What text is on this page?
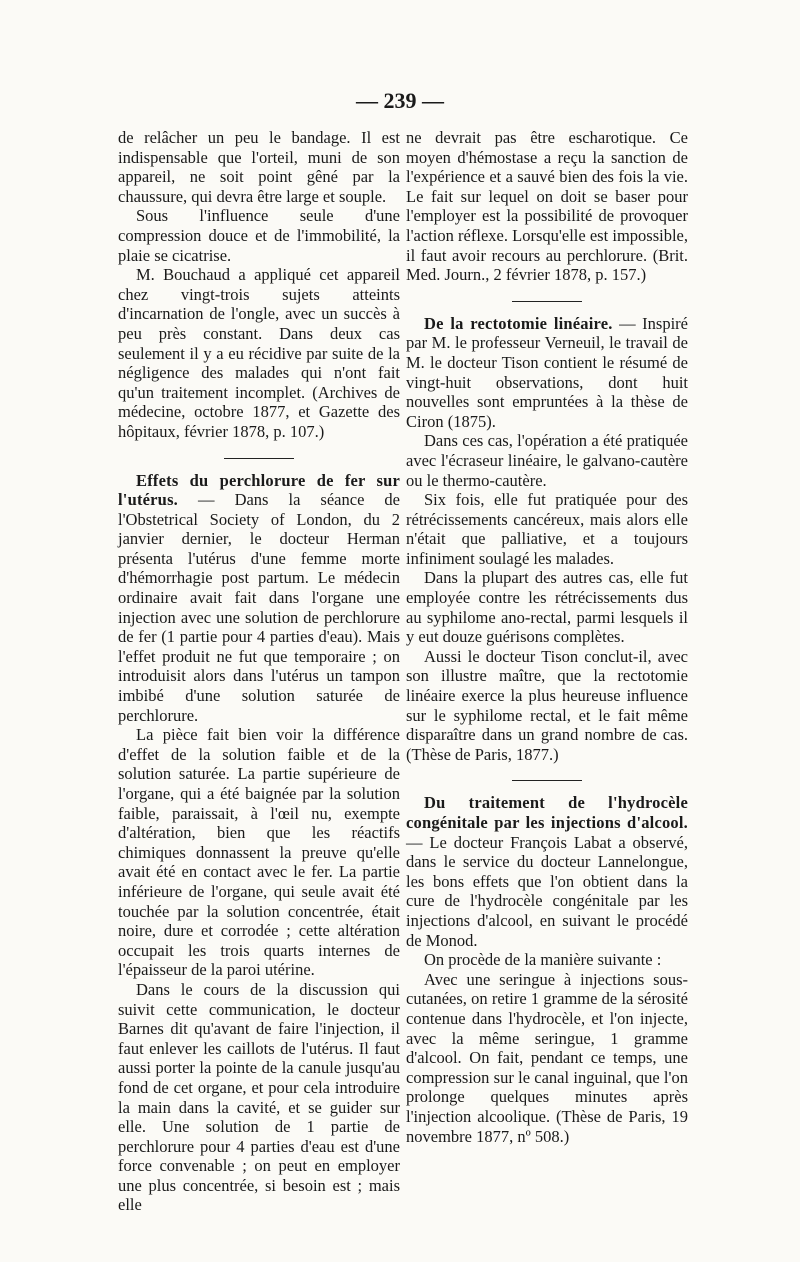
— 239 —

de relâcher un peu le bandage. Il est indispensable que l'orteil, muni de son appareil, ne soit point gêné par la chaussure, qui devra être large et souple.

Sous l'influence seule d'une compression douce et de l'immobilité, la plaie se cicatrise.

M. Bouchaud a appliqué cet appareil chez vingt-trois sujets atteints d'incarnation de l'ongle, avec un succès à peu près constant. Dans deux cas seulement il y a eu récidive par suite de la négligence des malades qui n'ont fait qu'un traitement incomplet. (Archives de médecine, octobre 1877, et Gazette des hôpitaux, février 1878, p. 107.)

Effets du perchlorure de fer sur l'utérus. — Dans la séance de l'Obstetrical Society of London, du 2 janvier dernier, le docteur Herman présenta l'utérus d'une femme morte d'hémorrhagie post partum. Le médecin ordinaire avait fait dans l'organe une injection avec une solution de perchlorure de fer (1 partie pour 4 parties d'eau). Mais l'effet produit ne fut que temporaire ; on introduisit alors dans l'utérus un tampon imbibé d'une solution saturée de perchlorure.

La pièce fait bien voir la différence d'effet de la solution faible et de la solution saturée. La partie supérieure de l'organe, qui a été baignée par la solution faible, paraissait, à l'œil nu, exempte d'altération, bien que les réactifs chimiques donnassent la preuve qu'elle avait été en contact avec le fer. La partie inférieure de l'organe, qui seule avait été touchée par la solution concentrée, était noire, dure et corrodée ; cette altération occupait les trois quarts internes de l'épaisseur de la paroi utérine.

Dans le cours de la discussion qui suivit cette communication, le docteur Barnes dit qu'avant de faire l'injection, il faut enlever les caillots de l'utérus. Il faut aussi porter la pointe de la canule jusqu'au fond de cet organe, et pour cela introduire la main dans la cavité, et se guider sur elle. Une solution de 1 partie de perchlorure pour 4 parties d'eau est d'une force convenable ; on peut en employer une plus concentrée, si besoin est ; mais elle

ne devrait pas être escharotique. Ce moyen d'hémostase a reçu la sanction de l'expérience et a sauvé bien des fois la vie. Le fait sur lequel on doit se baser pour l'employer est la possibilité de provoquer l'action réflexe. Lorsqu'elle est impossible, il faut avoir recours au perchlorure. (Brit. Med. Journ., 2 février 1878, p. 157.)

De la rectotomie linéaire. — Inspiré par M. le professeur Verneuil, le travail de M. le docteur Tison contient le résumé de vingt-huit observations, dont huit nouvelles sont empruntées à la thèse de Ciron (1875).

Dans ces cas, l'opération a été pratiquée avec l'écraseur linéaire, le galvano-cautère ou le thermo-cautère.

Six fois, elle fut pratiquée pour des rétrécissements cancéreux, mais alors elle n'était que palliative, et a toujours infiniment soulagé les malades.

Dans la plupart des autres cas, elle fut employée contre les rétrécissements dus au syphilome ano-rectal, parmi lesquels il y eut douze guérisons complètes.

Aussi le docteur Tison conclut-il, avec son illustre maître, que la rectotomie linéaire exerce la plus heureuse influence sur le syphilome rectal, et le fait même disparaître dans un grand nombre de cas. (Thèse de Paris, 1877.)

Du traitement de l'hydrocèle congénitale par les injections d'alcool. — Le docteur François Labat a observé, dans le service du docteur Lannelongue, les bons effets que l'on obtient dans la cure de l'hydrocèle congénitale par les injections d'alcool, en suivant le procédé de Monod.

On procède de la manière suivante :

Avec une seringue à injections sous-cutanées, on retire 1 gramme de la sérosité contenue dans l'hydrocèle, et l'on injecte, avec la même seringue, 1 gramme d'alcool. On fait, pendant ce temps, une compression sur le canal inguinal, que l'on prolonge quelques minutes après l'injection alcoolique. (Thèse de Paris, 19 novembre 1877, nº 508.)
